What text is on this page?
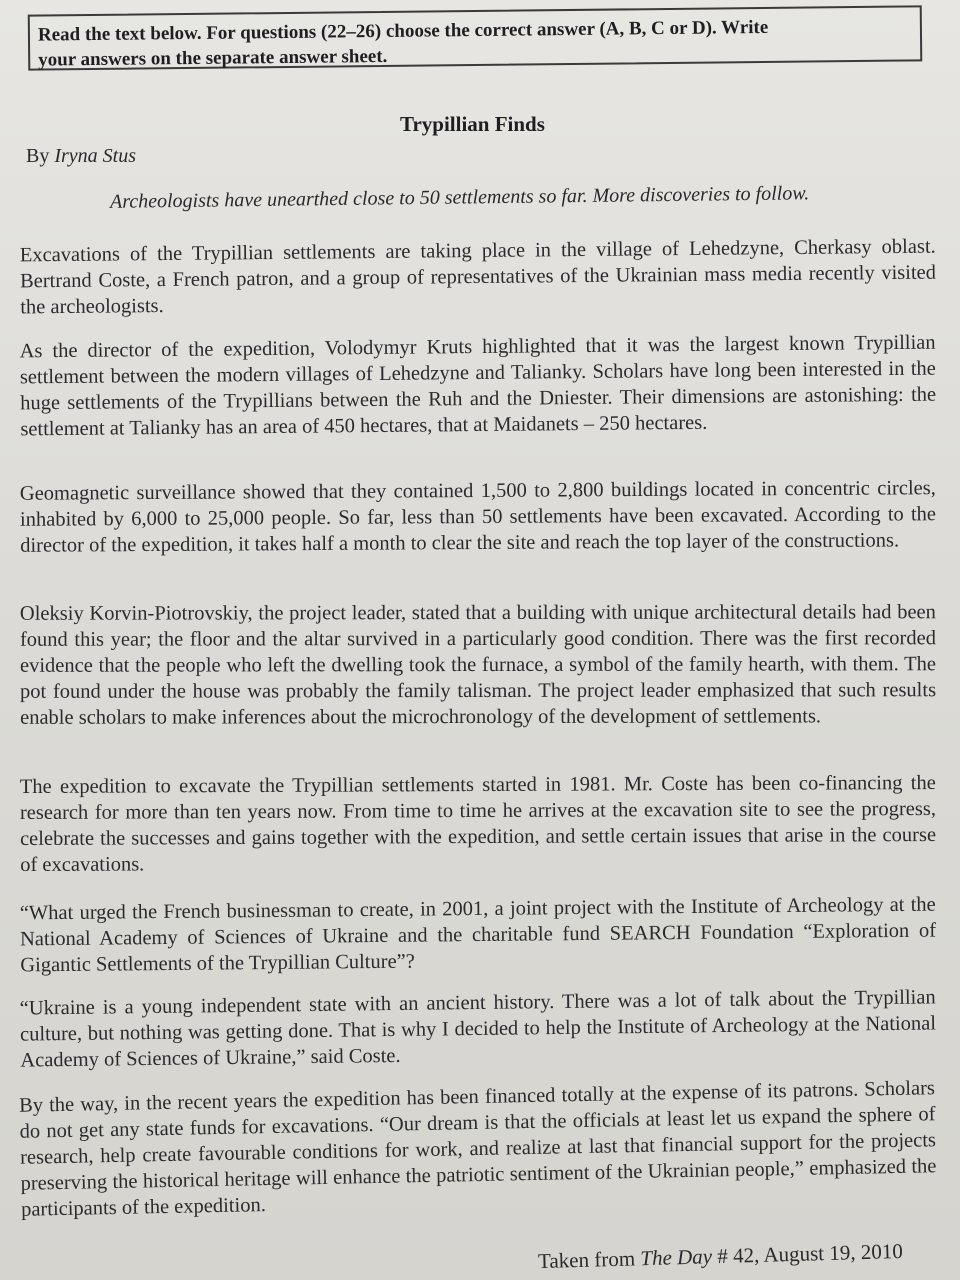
Read the text below. For questions (22–26) choose the correct answer (A, B, C or D). Write
your answers on the separate answer sheet.
Trypillian Finds
By Iryna Stus
Archeologists have unearthed close to 50 settlements so far. More discoveries to follow.
Excavations of the Trypillian settlements are taking place in the village of Lehedzyne, Cherkasy oblast. Bertrand Coste, a French patron, and a group of representatives of the Ukrainian mass media recently visited the archeologists.
As the director of the expedition, Volodymyr Kruts highlighted that it was the largest known Trypillian settlement between the modern villages of Lehedzyne and Talianky. Scholars have long been interested in the huge settlements of the Trypillians between the Ruh and the Dniester. Their dimensions are astonishing: the settlement at Talianky has an area of 450 hectares, that at Maidanets – 250 hectares.
Geomagnetic surveillance showed that they contained 1,500 to 2,800 buildings located in concentric circles, inhabited by 6,000 to 25,000 people. So far, less than 50 settlements have been excavated. According to the director of the expedition, it takes half a month to clear the site and reach the top layer of the constructions.
Oleksiy Korvin-Piotrovskiy, the project leader, stated that a building with unique architectural details had been found this year; the floor and the altar survived in a particularly good condition. There was the first recorded evidence that the people who left the dwelling took the furnace, a symbol of the family hearth, with them. The pot found under the house was probably the family talisman. The project leader emphasized that such results enable scholars to make inferences about the microchronology of the development of settlements.
The expedition to excavate the Trypillian settlements started in 1981. Mr. Coste has been co-financing the research for more than ten years now. From time to time he arrives at the excavation site to see the progress, celebrate the successes and gains together with the expedition, and settle certain issues that arise in the course of excavations.
“What urged the French businessman to create, in 2001, a joint project with the Institute of Archeology at the National Academy of Sciences of Ukraine and the charitable fund SEARCH Foundation “Exploration of Gigantic Settlements of the Trypillian Culture”?
“Ukraine is a young independent state with an ancient history. There was a lot of talk about the Trypillian culture, but nothing was getting done. That is why I decided to help the Institute of Archeology at the National Academy of Sciences of Ukraine,” said Coste.
By the way, in the recent years the expedition has been financed totally at the expense of its patrons. Scholars do not get any state funds for excavations. “Our dream is that the officials at least let us expand the sphere of research, help create favourable conditions for work, and realize at last that financial support for the projects preserving the historical heritage will enhance the patriotic sentiment of the Ukrainian people,” emphasized the participants of the expedition.
Taken from The Day # 42, August 19, 2010
